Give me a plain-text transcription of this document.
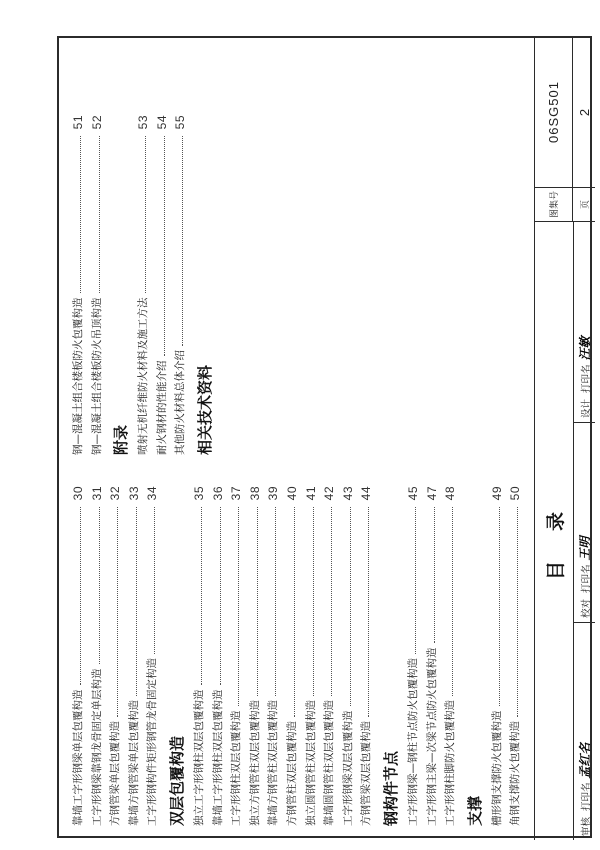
靠墙工字形钢梁单层包覆构造
30
工字形钢梁靠钢龙骨固定单层构造
31
方钢管梁单层包覆构造
32
靠墙方钢管梁单层包覆构造
33
工字形钢构件矩形钢管龙骨固定构造
34
双层包覆构造 独立工字形钢柱双层包覆构造
35
靠墙工字形钢柱双层包覆构造
36
工字形钢柱双层包覆构造
37
独立方钢管柱双层包覆构造
38
靠墙方钢管柱双层包覆构造
39
方钢管柱双层包覆构造
40
独立圆钢管柱双层包覆构造
41
靠墙圆钢管柱双层包覆构造
42
工字形钢梁双层包覆构造
43
方钢管梁双层包覆构造
44
钢构件节点 工字形钢梁—钢柱节点防火包覆构造
45
工字形钢主梁—次梁节点防火包覆构造
47
工字形钢柱脚防火包覆构造
48
支撑 槽形钢支撑防火包覆构造
49
角钢支撑防火包覆构造
50
钢—混凝土组合楼板防火包覆构造
51
钢—混凝土组合楼板防火吊顶构造
52
附录 喷射无机纤维防火材料及施工方法
53
耐火钢材的性能介绍
54
其他防火材料总体介绍
55
相关技术资料
目录
审核
打印名
孟红名
校对
打印名
王明
设计
打印名
汪敏
图集号
06SG501
页
2
